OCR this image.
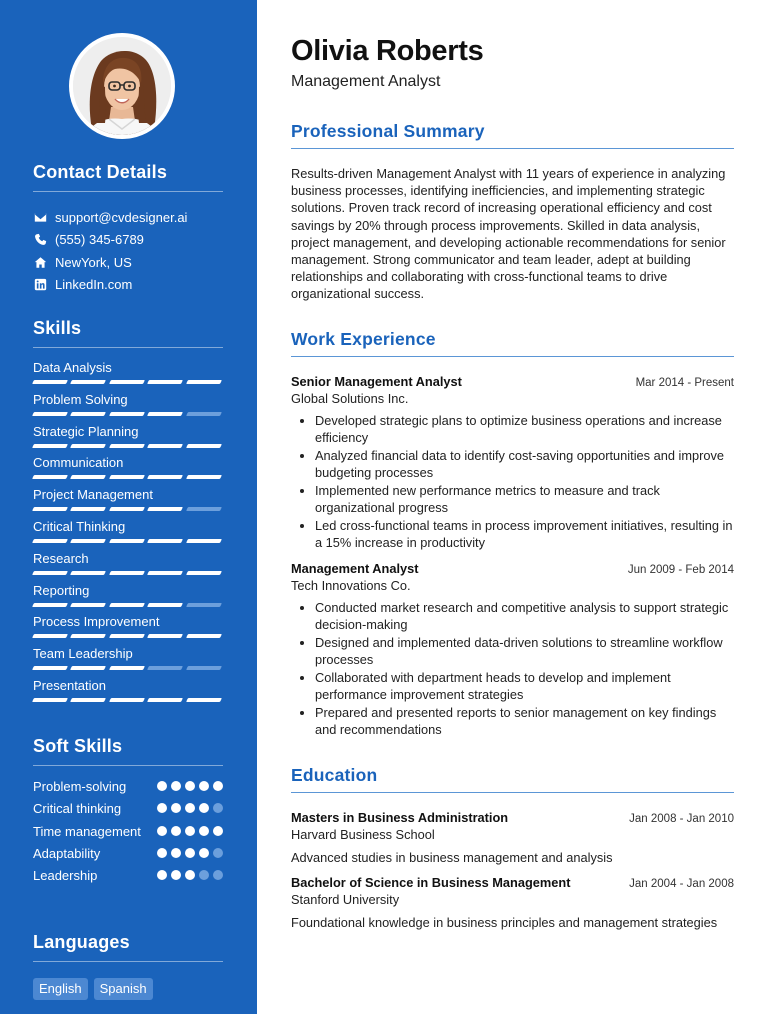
Contact Details
support@cvdesigner.ai
(555) 345-6789
NewYork, US
LinkedIn.com
Skills
Data Analysis
Problem Solving
Strategic Planning
Communication
Project Management
Critical Thinking
Research
Reporting
Process Improvement
Team Leadership
Presentation
Soft Skills
Problem-solving
Critical thinking
Time management
Adaptability
Leadership
Languages
English	Spanish
Olivia Roberts
Management Analyst
Professional Summary

Results-driven Management Analyst with 11 years of experience in analyzing business processes, identifying inefficiencies, and implementing strategic solutions. Proven track record of increasing operational efficiency and cost savings by 20% through process improvements. Skilled in data analysis, project management, and developing actionable recommendations for senior management. Strong communicator and team leader, adept at building relationships and collaborating with cross-functional teams to drive organizational success.

Work Experience
Senior Management Analyst	Mar 2014 - Present
Global Solutions Inc.
• Developed strategic plans to optimize business operations and increase efficiency
• Analyzed financial data to identify cost-saving opportunities and improve budgeting processes
• Implemented new performance metrics to measure and track organizational progress
• Led cross-functional teams in process improvement initiatives, resulting in a 15% increase in productivity
Management Analyst	Jun 2009 - Feb 2014
Tech Innovations Co.
• Conducted market research and competitive analysis to support strategic decision-making
• Designed and implemented data-driven solutions to streamline workflow processes
• Collaborated with department heads to develop and implement performance improvement strategies
• Prepared and presented reports to senior management on key findings and recommendations
Education
Masters in Business Administration	Jan 2008 - Jan 2010
Harvard Business School

Advanced studies in business management and analysis

Bachelor of Science in Business Management	Jan 2004 - Jan 2008
Stanford University

Foundational knowledge in business principles and management strategies
